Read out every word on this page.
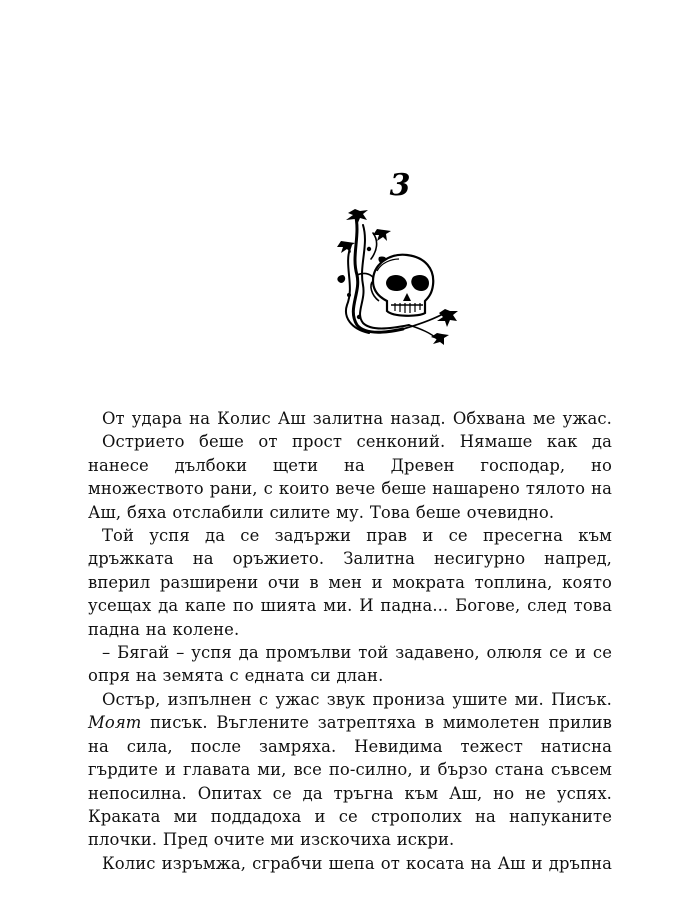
3

От удара на Колис Аш залитна назад. Обхвана ме ужас.

Острието беше от прост сенконий. Нямаше как да нанесе дълбоки щети на Древен господар, но множеството рани, с които вече беше нашарено тялото на Аш, бяха отслабили силите му. Това беше очевидно.

Той успя да се задържи прав и се пресегна към дръжката на оръжието. Залитна несигурно напред, вперил разширени очи в мен и мократа топлина, която усещах да капе по шията ми. И падна... Богове, след това падна на колене.

– Бягай – успя да промълви той задавено, олюля се и се опря на земята с едната си длан.

Остър, изпълнен с ужас звук прониза ушите ми. Писък. Моят писък. Въглените затрептяха в мимолетен прилив на сила, после замряха. Невидима тежест натисна гърдите и главата ми, все по-силно, и бързо стана съвсем непосилна. Опитах се да тръгна към Аш, но не успях. Краката ми поддадоха и се строполих на напуканите плочки. Пред очите ми изскочиха искри.

Колис изръмжа, сграбчи шепа от косата на Аш и дръпна
